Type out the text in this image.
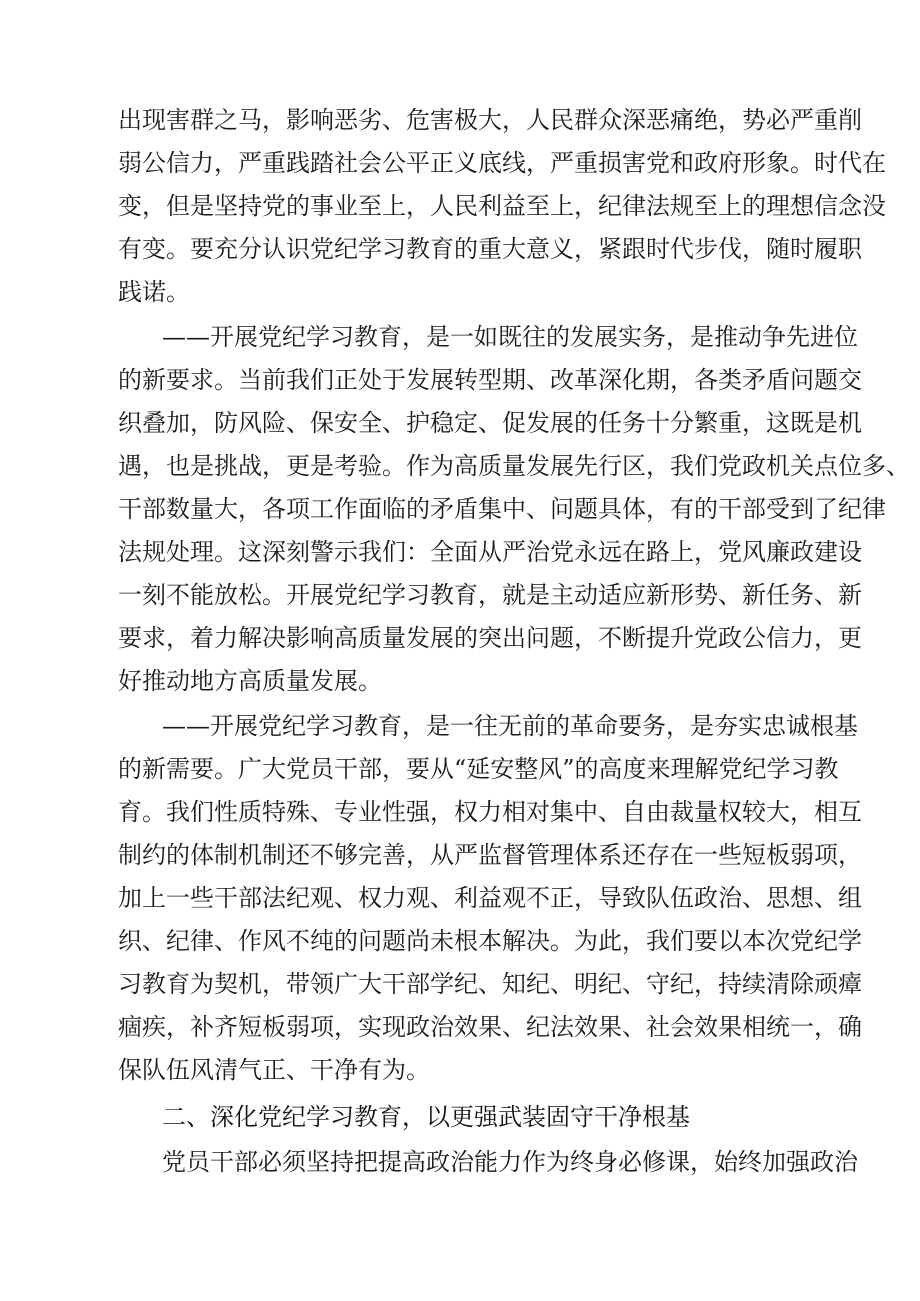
出现害群之马，影响恶劣、危害极大，人民群众深恶痛绝，势必严重削
弱公信力，严重践踏社会公平正义底线，严重损害党和政府形象。时代在
变，但是坚持党的事业至上，人民利益至上，纪律法规至上的理想信念没
有变。要充分认识党纪学习教育的重大意义，紧跟时代步伐，随时履职
践诺。
——开展党纪学习教育，是一如既往的发展实务，是推动争先进位
的新要求。当前我们正处于发展转型期、改革深化期，各类矛盾问题交
织叠加，防风险、保安全、护稳定、促发展的任务十分繁重，这既是机
遇，也是挑战，更是考验。作为高质量发展先行区，我们党政机关点位多、
干部数量大，各项工作面临的矛盾集中、问题具体，有的干部受到了纪律
法规处理。这深刻警示我们：全面从严治党永远在路上，党风廉政建设
一刻不能放松。开展党纪学习教育，就是主动适应新形势、新任务、新
要求，着力解决影响高质量发展的突出问题，不断提升党政公信力，更
好推动地方高质量发展。
——开展党纪学习教育，是一往无前的革命要务，是夯实忠诚根基
的新需要。广大党员干部，要从“延安整风”的高度来理解党纪学习教
育。我们性质特殊、专业性强，权力相对集中、自由裁量权较大，相互
制约的体制机制还不够完善，从严监督管理体系还存在一些短板弱项，
加上一些干部法纪观、权力观、利益观不正，导致队伍政治、思想、组
织、纪律、作风不纯的问题尚未根本解决。为此，我们要以本次党纪学
习教育为契机，带领广大干部学纪、知纪、明纪、守纪，持续清除顽瘴
痼疾，补齐短板弱项，实现政治效果、纪法效果、社会效果相统一，确
保队伍风清气正、干净有为。
二、深化党纪学习教育，以更强武装固守干净根基
党员干部必须坚持把提高政治能力作为终身必修课，始终加强政治
